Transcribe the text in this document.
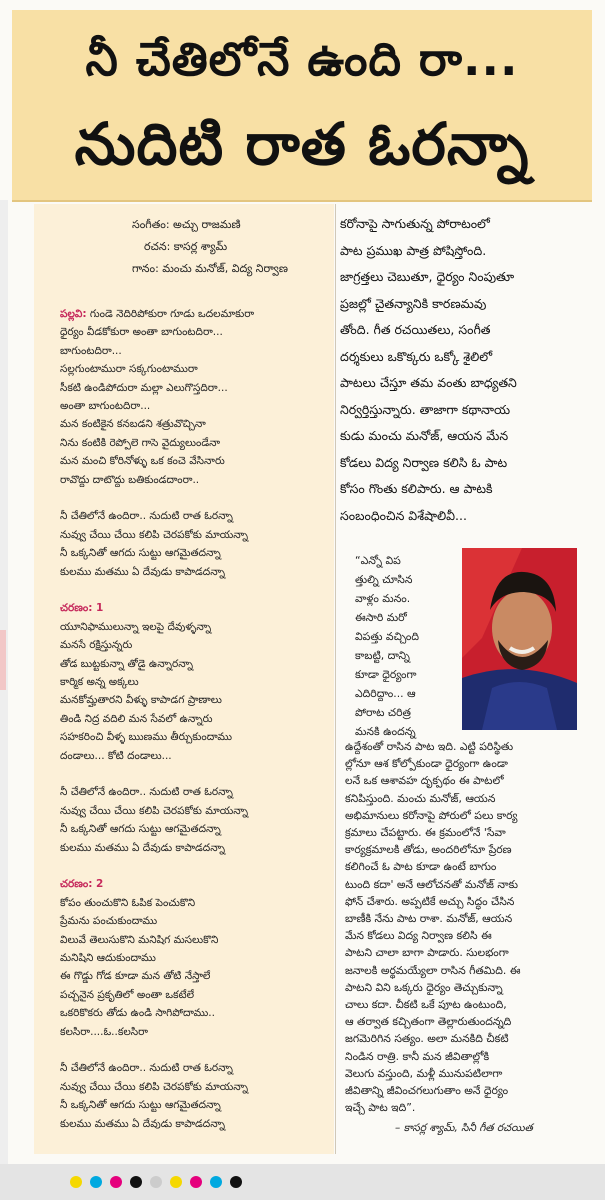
నీ చేతిలోనే ఉంది రా...
నుదిటి రాత ఓరన్నా
సంగీతం: అచ్చు రాజమణి
రచన: కాసర్ల శ్యామ్
గానం: మంచు మనోజ్, విద్య నిర్వాణ
పల్లవి: గుండె నెదిరిపోకురా గూడు ఒదలమాకురా
ధైర్యం వీడకోకురా అంతా బాగుంటదిరా...
బాగుంటదిరా...
సల్లగుంటామురా సక్కగుంటామురా
సీకటి ఉండిపోదురా మల్లా ఎలుగొస్తదిరా...
అంతా బాగుంటదిరా...
మన కంటికైన కనబడని శత్రువొచ్చినా
నిను కంటికి రెప్పోలె గాసె వైద్యులుండేనా
మన మంచి కోరినోళ్ళు ఒక కంచె వేసినారు
రావొద్దు దాటొద్దు బతికుండదాంరా..
నీ చేతిలోనే ఉందిరా.. నుదుటి రాత ఓరన్నా
నువ్వు చేయి చేయి కలిపి చెరపకోకు మాయన్నా
నీ ఒక్కనితో ఆగదు సుట్టు ఆగమైతదన్నా
కులము మతము ఏ దేవుడు కాపాడదన్నా
చరణం: 1
యూనిఫాములున్నా ఇలపై దేవుళ్ళన్నా
మనసే రక్షిస్తున్నరు
తోడ బుట్టకున్నా తోడై ఉన్నారన్నా
కార్మిక అన్న అక్కలు
మనకోమ్హతారని వీళ్ళు కాపాడగ ప్రాణాలు
తిండి నిద్ర వదిలి మన సేవలో ఉన్నారు
సహకరించి వీళ్ళ ఋణము తీర్చుకుందాము
దండాలు... కోటి దండాలు...
నీ చేతిలోనే ఉందిరా.. నుదుటి రాత ఓరన్నా
నువ్వు చేయి చేయి కలిపి చెరపకోకు మాయన్నా
నీ ఒక్కనితో ఆగదు సుట్టు ఆగమైతదన్నా
కులము మతము ఏ దేవుడు కాపాడదన్నా
చరణం: 2
కోపం తుంచుకొని ఓపిక పెంచుకొని
ప్రేమను పంచుకుందాము
విలువే తెలుసుకొని మనిషిగ మసలుకొని
మనిషిని ఆదుకుందాము
ఈ గొడ్డు గోడ కూడా మన తోటి నేస్తాలే
పచ్చనైన ప్రకృతిలో అంతా ఒకటేలే
ఒకరికొకరు తోడు ఉండి సాగిపోదాము..
కలసిరా....ఓ..కలసిరా
నీ చేతిలోనే ఉందిరా.. నుదుటి రాత ఓరన్నా
నువ్వు చేయి చేయి కలిపి చెరపకోకు మాయన్నా
నీ ఒక్కనితో ఆగదు సుట్టు ఆగమైతదన్నా
కులము మతము ఏ దేవుడు కాపాడదన్నా
కరోనాపై సాగుతున్న పోరాటంలో
పాట ప్రముఖ పాత్ర పోషిస్తోంది.
జాగ్రత్తలు చెబుతూ, ధైర్యం నింపుతూ
ప్రజల్లో చైతన్యానికి కారణమవు
తోంది. గీత రచయితలు, సంగీత
దర్శకులు ఒకొక్కరు ఒక్కో శైలిలో
పాటలు చేస్తూ తమ వంతు బాధ్యతని
నిర్వర్తిస్తున్నారు. తాజాగా కథానాయ
కుడు మంచు మనోజ్, ఆయన మేన
కోడలు విద్య నిర్వాణ కలిసి ఓ పాట
కోసం గొంతు కలిపారు. ఆ పాటకి
సంబంధించిన విశేషాలివీ...
“ఎన్నో విప
త్తుల్ని చూసిన
వాళ్లం మనం.
ఈసారి మరో
విపత్తు వచ్చింది
కాబట్టి, దాన్ని
కూడా ధైర్యంగా
ఎదిరిద్దాం... ఆ
పోరాట చరిత్ర
మనకి ఉందన్న
ఉద్దేశంతో రాసిన పాట ఇది. ఎట్టి పరిస్థితు
ల్లోనూ ఆశ కోల్పోకుండా ధైర్యంగా ఉండా
లనే ఒక ఆశావహ దృక్పథం ఈ పాటలో
కనిపిస్తుంది. మంచు మనోజ్, ఆయన
అభిమానులు కరోనాపై పోరులో పలు కార్య
క్రమాలు చేపట్టారు. ఈ క్రమంలోనే 'సేవా
కార్యక్రమాలకి తోడు, అందరిలోనూ ప్రేరణ
కలిగించే ఓ పాట కూడా ఉంటే బాగుం
టుంది కదా' అనే ఆలోచనతో మనోజ్ నాకు
ఫోన్ చేశారు. అప్పటికే అచ్చు సిద్ధం చేసిన
బాణీకి నేను పాట రాశా. మనోజ్, ఆయన
మేన కోడలు విద్య నిర్వాణ కలిసి ఈ
పాటని చాలా బాగా పాడారు. సులభంగా
జనాలకి అర్థమయ్యేలా రాసిన గీతమిది. ఈ
పాటని విని ఒక్కరు ధైర్యం తెచ్చుకున్నా
చాలు కదా. చీకటి ఒకే పూట ఉంటుంది,
ఆ తర్వాత కచ్చితంగా తెల్లారుతుందన్నది
జగమెరిగిన సత్యం. అలా మనకిది చీకటి
నిండిన రాత్రి. కానీ మన జీవితాల్లోకి
వెలుగు వస్తుంది, మళ్లీ మునుపటిలాగా
జీవితాన్ని జీవించగలుగుతాం అనే ధైర్యం
ఇచ్చే పాట ఇది”.
– కాసర్ల శ్యామ్, సినీ గీత రచయిత
